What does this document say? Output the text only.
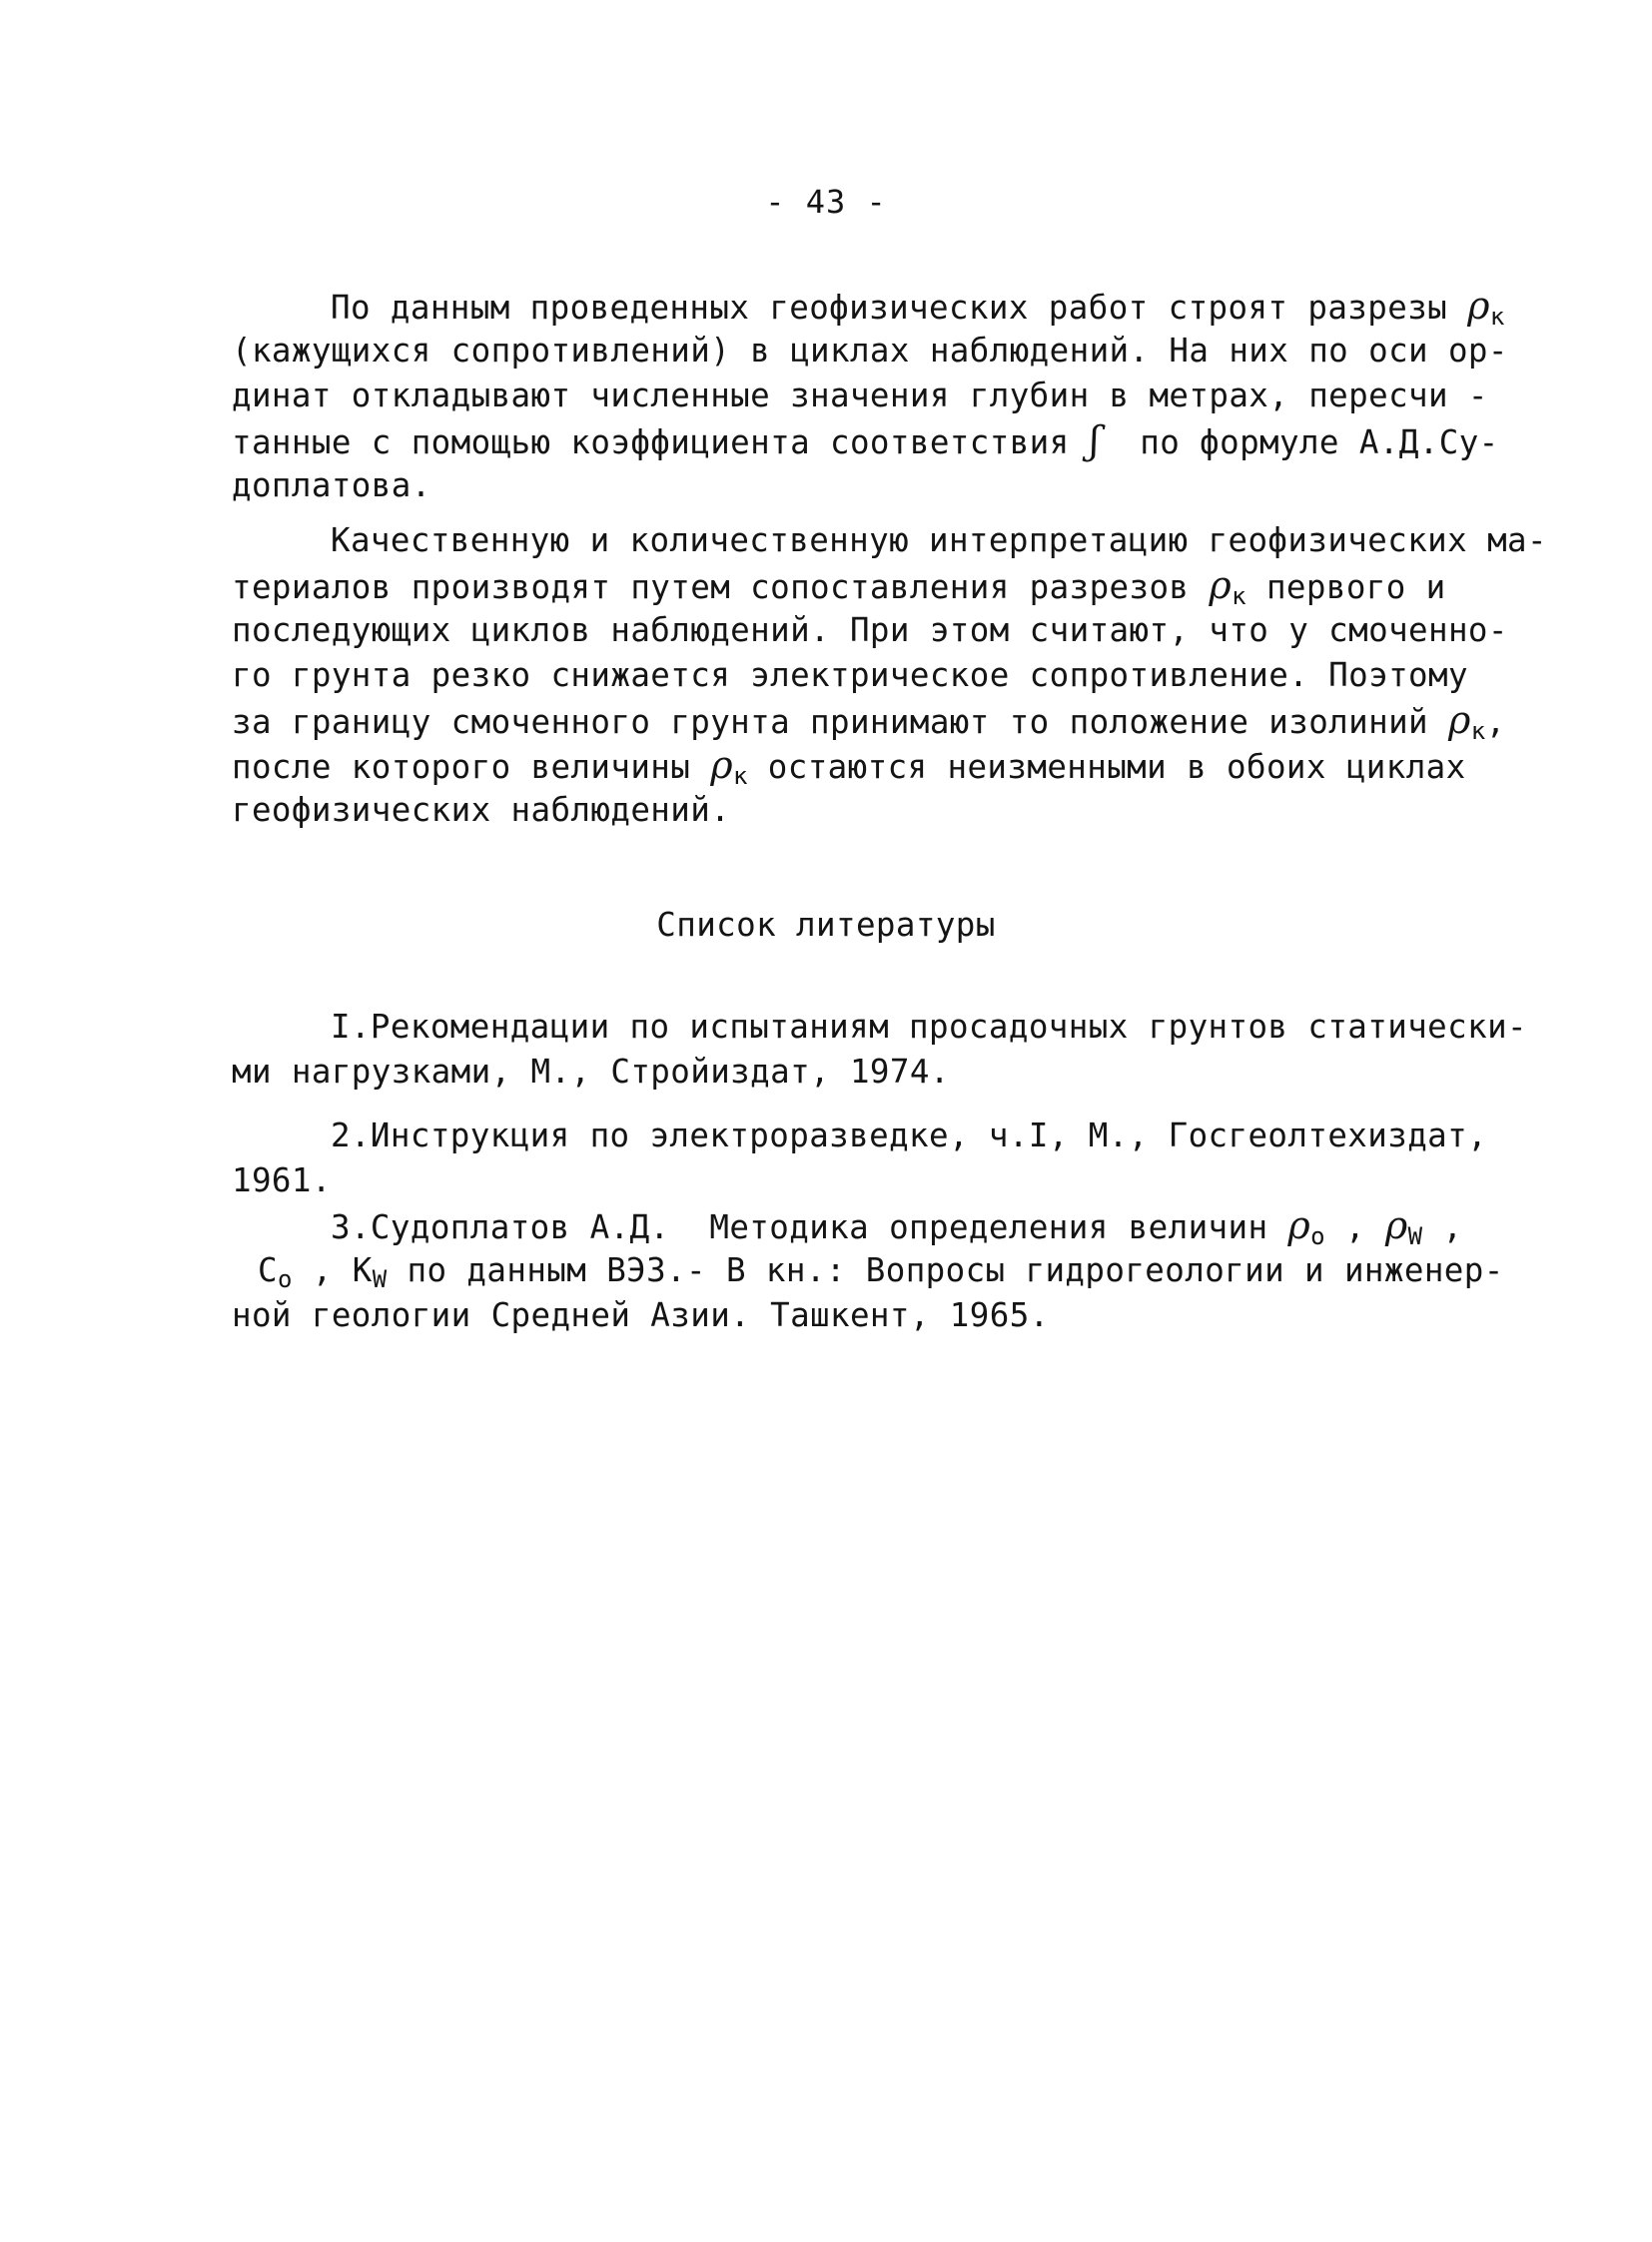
- 43 -
По данным проведенных геофизических работ строят разрезы $\rho_к$
(кажущихся сопротивлений) в циклах наблюдений. На них по оси ор-
динат откладывают численные значения глубин в метрах, пересчи -
танные с помощью коэффициента соответствия ʃ по формуле А.Д.Су-
доплатова.
Качественную и количественную интерпретацию геофизических ма-
териалов производят путем сопоставления разрезов $\rho_к$ первого и
последующих циклов наблюдений. При этом считают, что у смоченно-
го грунта резко снижается электрическое сопротивление. Поэтому
за границу смоченного грунта принимают то положение изолиний $\rho_к$,
после которого величины $\rho_к$ остаются неизменными в обоих циклах
геофизических наблюдений.
Список литературы
I.Рекомендации по испытаниям просадочных грунтов статически-
ми нагрузками, М., Стройиздат, 1974.
2.Инструкция по электроразведке, ч.I, М., Госгеолтехиздат,
1961.
3.Судоплатов А.Д.  Методика определения величин $\rho_о$ , $\rho_W$ ,
$C_о$ , $K_W$ по данным ВЭЗ.- В кн.: Вопросы гидрогеологии и инженер-
ной геологии Средней Азии. Ташкент, 1965.
